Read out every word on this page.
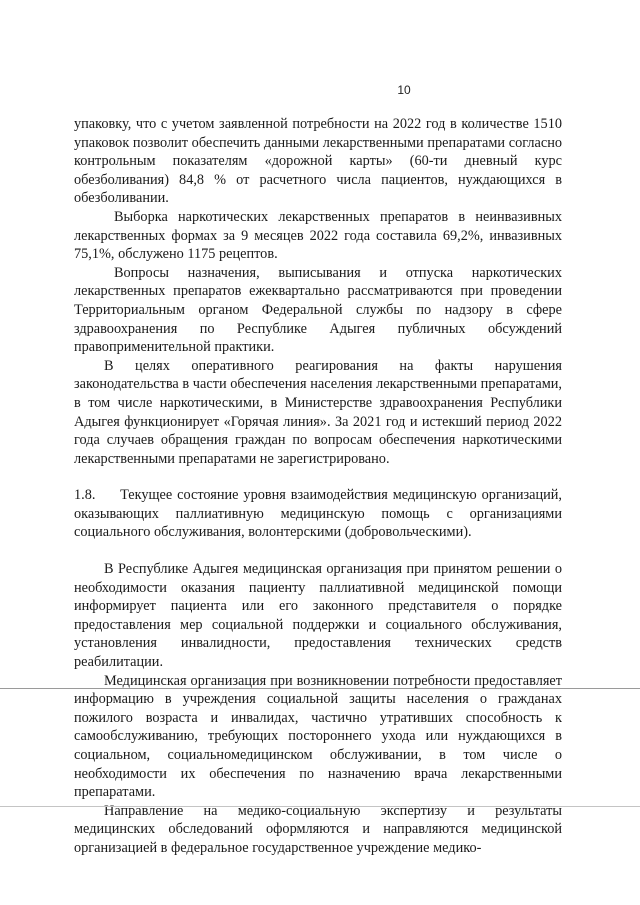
10

упаковку, что с учетом заявленной потребности на 2022 год в количестве 1510 упаковок позволит обеспечить данными лекарственными препаратами согласно контрольным показателям «дорожной карты» (60-ти дневный курс обезболивания) 84,8 % от расчетного числа пациентов, нуждающихся в обезболивании.

Выборка наркотических лекарственных препаратов в неинвазивных лекарственных формах за 9 месяцев 2022 года составила 69,2%, инвазивных 75,1%, обслужено 1175 рецептов.

Вопросы назначения, выписывания и отпуска наркотических лекарственных препаратов ежеквартально рассматриваются при проведении Территориальным органом Федеральной службы по надзору в сфере здравоохранения по Республике Адыгея публичных обсуждений правоприменительной практики.

В целях оперативного реагирования на факты нарушения законодательства в части обеспечения населения лекарственными препаратами, в том числе наркотическими, в Министерстве здравоохранения Республики Адыгея функционирует «Горячая линия». За 2021 год и истекший период 2022 года случаев обращения граждан по вопросам обеспечения наркотическими лекарственными препаратами не зарегистрировано.

1.8. Текущее состояние уровня взаимодействия медицинскую организаций, оказывающих паллиативную медицинскую помощь с организациями социального обслуживания, волонтерскими (добровольческими).

В Республике Адыгея медицинская организация при принятом решении о необходимости оказания пациенту паллиативной медицинской помощи информирует пациента или его законного представителя о порядке предоставления мер социальной поддержки и социального обслуживания, установления инвалидности, предоставления технических средств реабилитации.

Медицинская организация при возникновении потребности предоставляет информацию в учреждения социальной защиты населения о гражданах пожилого возраста и инвалидах, частично утративших способность к самообслуживанию, требующих постороннего ухода или нуждающихся в социальном, социальномедицинском обслуживании, в том числе о необходимости их обеспечения по назначению врача лекарственными препаратами.

Направление на медико-социальную экспертизу и результаты медицинских обследований оформляются и направляются медицинской организацией в федеральное государственное учреждение медико-
